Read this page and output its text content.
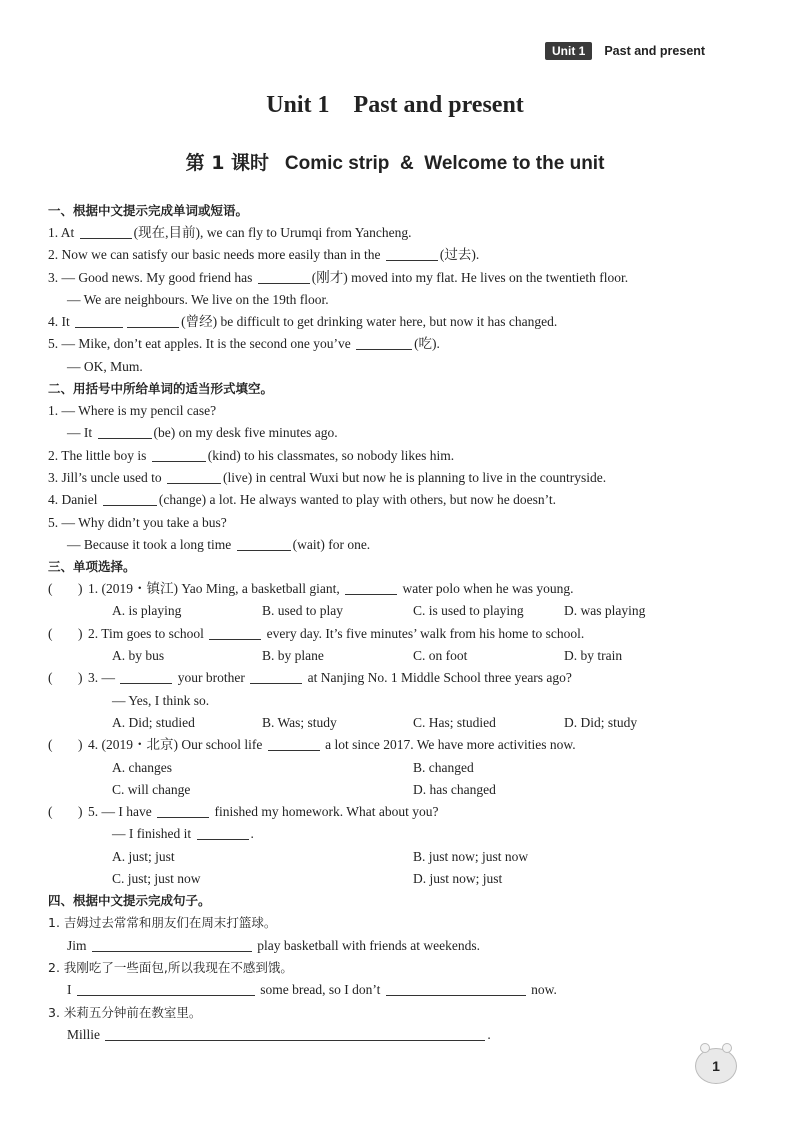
Unit 1	Past and present
Unit 1    Past and present
第 1 课时 Comic strip  &  Welcome to the unit
一、根据中文提示完成单词或短语。
1. At	(现在,目前), we can fly to Urumqi from Yancheng.
2. Now we can satisfy our basic needs more easily than in the	(过去).
3. — Good news. My good friend has	(刚才) moved into my flat. He lives on the twentieth floor.
— We are neighbours. We live on the 19th floor.
4. It	(曾经) be difficult to get drinking water here, but now it has changed.
5. — Mike, don’t eat apples. It is the second one you’ve	(吃).
— OK, Mum.
二、用括号中所给单词的适当形式填空。
1. — Where is my pencil case?
— It	(be) on my desk five minutes ago.
2. The little boy is	(kind) to his classmates, so nobody likes him.
3. Jill’s uncle used to	(live) in central Wuxi but now he is planning to live in the countryside.
4. Daniel	(change) a lot. He always wanted to play with others, but now he doesn’t.
5. — Why didn’t you take a bus?
— Because it took a long time	(wait) for one.
三、单项选择。
( ) 1. (2019・镇江) Yao Ming, a basketball giant,	water polo when he was young.
A. is playing	B. used to play	C. is used to playing	D. was playing
( ) 2. Tim goes to school	every day. It’s five minutes’ walk from his home to school.
A. by bus	B. by plane	C. on foot	D. by train
( ) 3. —	your brother	at Nanjing No. 1 Middle School three years ago?
— Yes, I think so.
A. Did; studied	B. Was; study	C. Has; studied	D. Did; study
( ) 4. (2019・北京) Our school life	a lot since 2017. We have more activities now.
A. changes	B. changed
C. will change	D. has changed
( ) 5. — I have	finished my homework. What about you?
— I finished it	.
A. just; just	B. just now; just now
C. just; just now	D. just now; just
四、根据中文提示完成句子。
1. 吉姆过去常常和朋友们在周末打篮球。
Jim	play basketball with friends at weekends.
2. 我刚吃了一些面包,所以我现在不感到饿。
I	some bread, so I don’t	now.
3. 米莉五分钟前在教室里。
Millie	.
1
